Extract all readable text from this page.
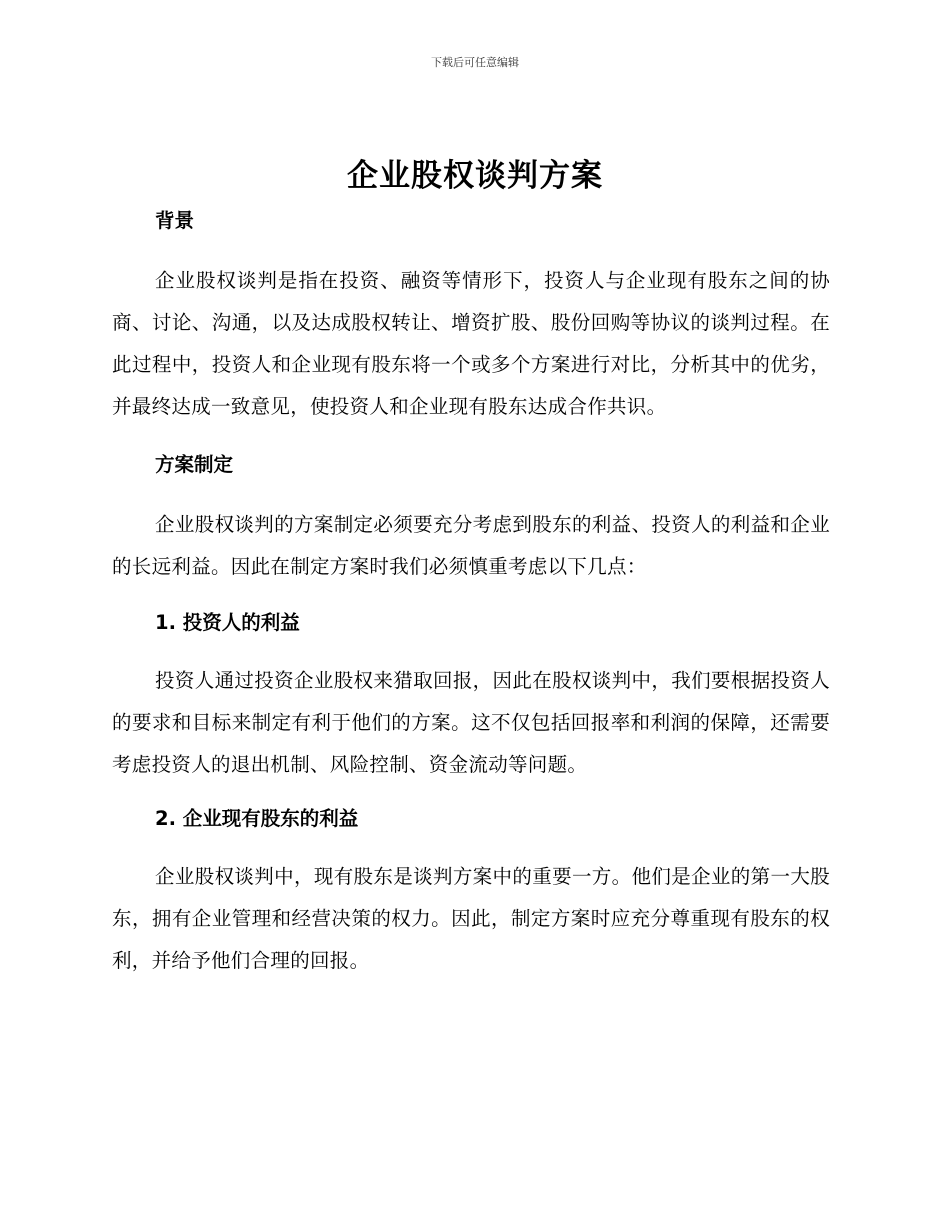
下载后可任意编辑
企业股权谈判方案
背景
企业股权谈判是指在投资、融资等情形下，投资人与企业现有股东之间的协商、讨论、沟通，以及达成股权转让、增资扩股、股份回购等协议的谈判过程。在此过程中，投资人和企业现有股东将一个或多个方案进行对比，分析其中的优劣，并最终达成一致意见，使投资人和企业现有股东达成合作共识。
方案制定
企业股权谈判的方案制定必须要充分考虑到股东的利益、投资人的利益和企业的长远利益。因此在制定方案时我们必须慎重考虑以下几点：
1. 投资人的利益
投资人通过投资企业股权来猎取回报，因此在股权谈判中，我们要根据投资人的要求和目标来制定有利于他们的方案。这不仅包括回报率和利润的保障，还需要考虑投资人的退出机制、风险控制、资金流动等问题。
2. 企业现有股东的利益
企业股权谈判中，现有股东是谈判方案中的重要一方。他们是企业的第一大股东，拥有企业管理和经营决策的权力。因此，制定方案时应充分尊重现有股东的权利，并给予他们合理的回报。
